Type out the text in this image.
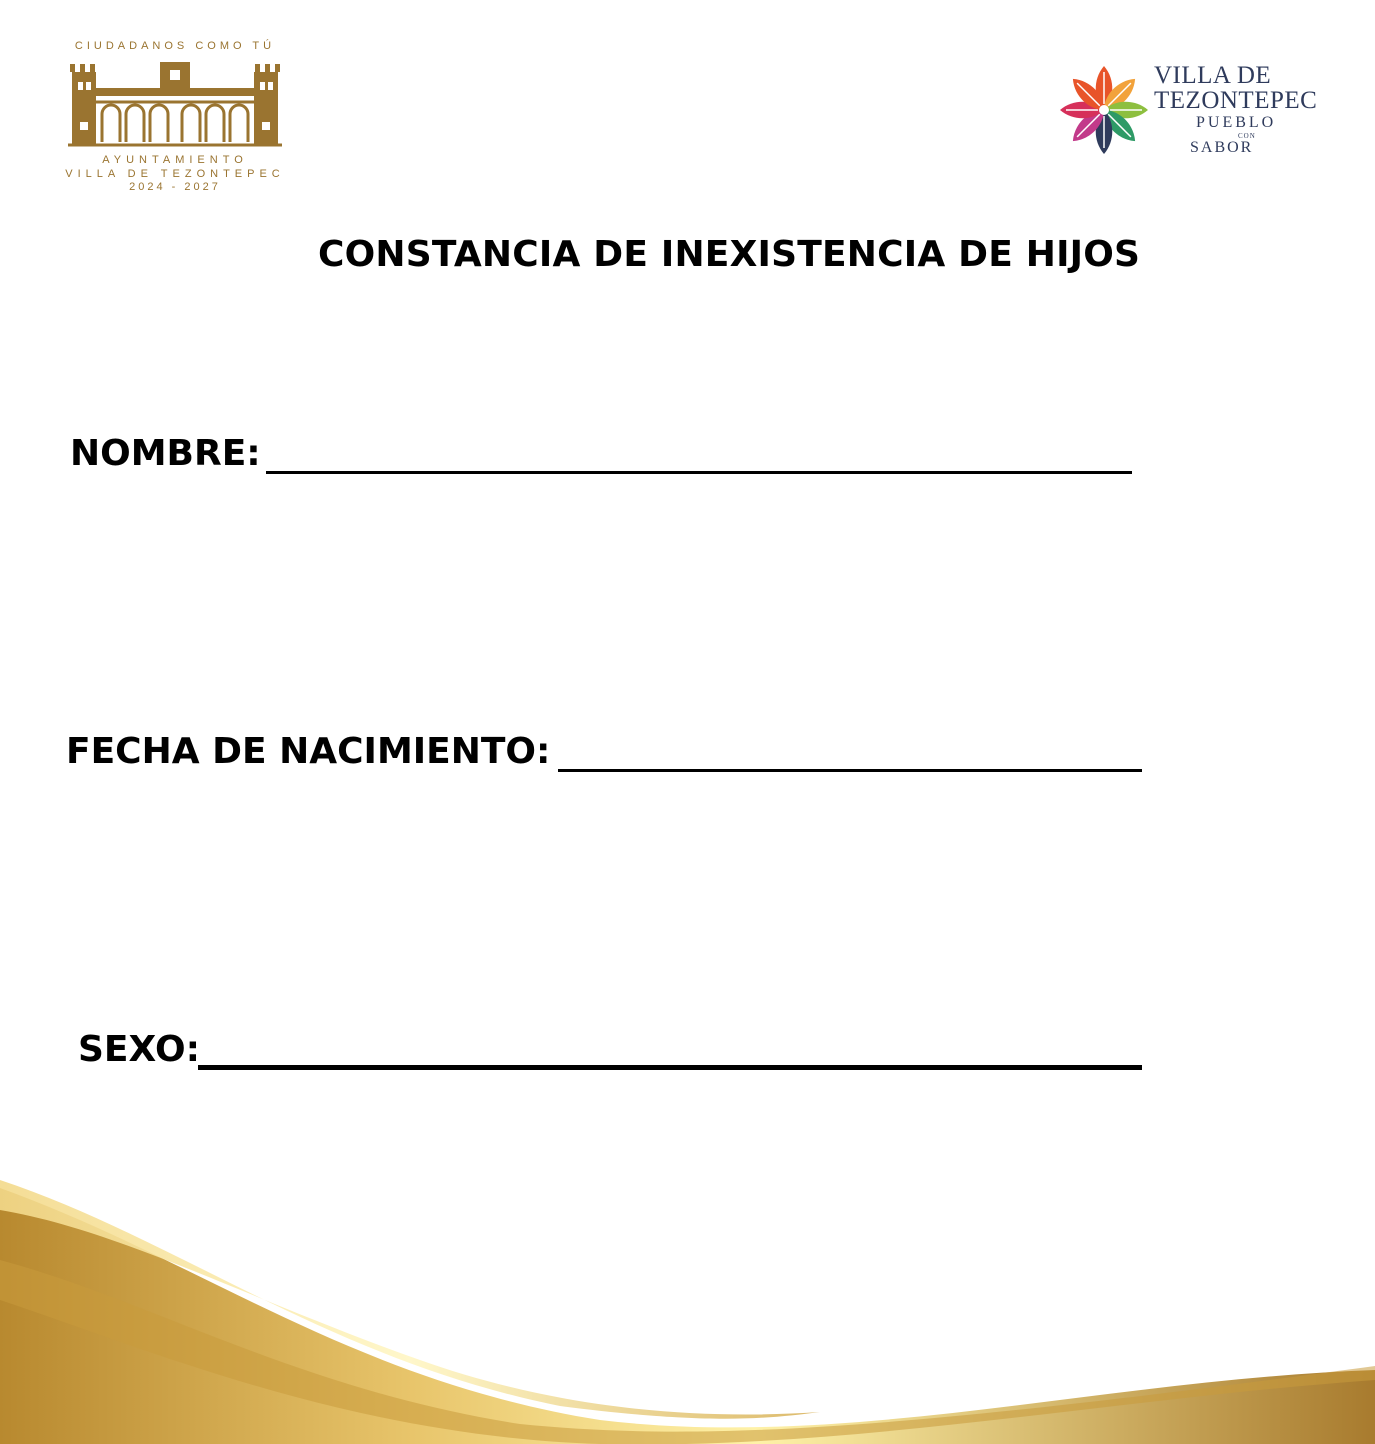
CIUDADANOS COMO TÚ
AYUNTAMIENTO
VILLA DE TEZONTEPEC
2024 - 2027
VILLA DE
TEZONTEPEC
PUEBLO
CON
SABOR
CONSTANCIA DE INEXISTENCIA DE HIJOS
NOMBRE:
FECHA DE NACIMIENTO:
SEXO:
